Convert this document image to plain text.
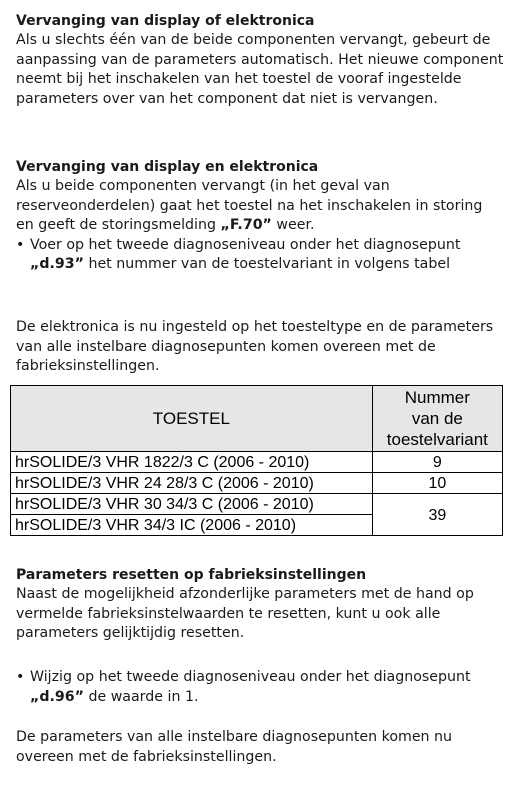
Vervanging van display of elektronica

Als u slechts één van de beide componenten vervangt, gebeurt de aanpassing van de parameters automatisch. Het nieuwe component neemt bij het inschakelen van het toestel de vooraf ingestelde parameters over van het component dat niet is vervangen.

Vervanging van display en elektronica

Als u beide componenten vervangt (in het geval van reserveonderdelen) gaat het toestel na het inschakelen in storing en geeft de storingsmelding „F.70” weer.

• Voer op het tweede diagnoseniveau onder het diagnosepunt „d.93” het nummer van de toestelvariant in volgens tabel

De elektronica is nu ingesteld op het toesteltype en de parameters van alle instelbare diagnosepunten komen overeen met de fabrieksinstellingen.

TOESTEL	Nummer
van de
toestelvariant

hrSOLIDE/3 VHR 1822/3 C (2006 - 2010)	9
hrSOLIDE/3 VHR 24 28/3 C (2006 - 2010)	10
hrSOLIDE/3 VHR 30 34/3 C (2006 - 2010)	39
hrSOLIDE/3 VHR 34/3 IC (2006 - 2010)	
Parameters resetten op fabrieksinstellingen

Naast de mogelijkheid afzonderlijke parameters met de hand op vermelde fabrieksinstelwaarden te resetten, kunt u ook alle parameters gelijktijdig resetten.

• Wijzig op het tweede diagnoseniveau onder het diagnosepunt „d.96” de waarde in 1.

De parameters van alle instelbare diagnosepunten komen nu overeen met de fabrieksinstellingen.
